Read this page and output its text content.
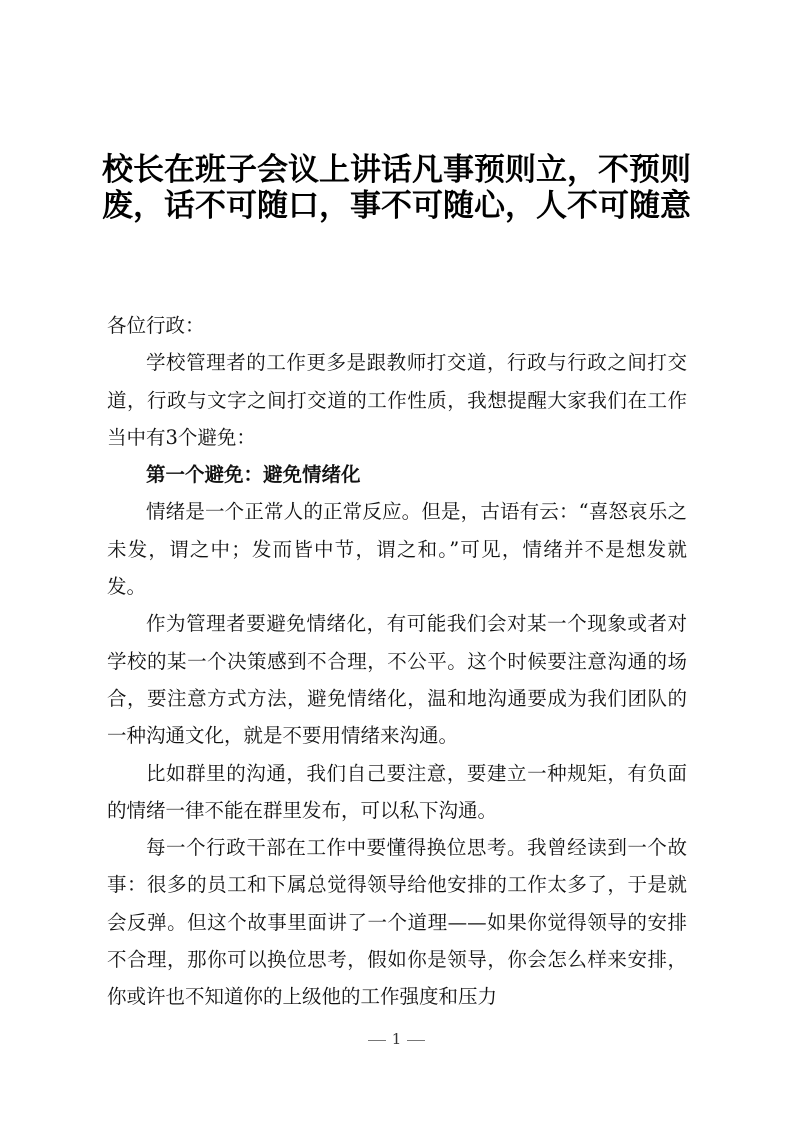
校长在班子会议上讲话凡事预则立，不预则废，话不可随口，事不可随心，人不可随意

各位行政：

学校管理者的工作更多是跟教师打交道，行政与行政之间打交道，行政与文字之间打交道的工作性质，我想提醒大家我们在工作当中有3个避免：

第一个避免：避免情绪化

情绪是一个正常人的正常反应。但是，古语有云：“喜怒哀乐之未发，谓之中；发而皆中节，谓之和。”可见，情绪并不是想发就发。

作为管理者要避免情绪化，有可能我们会对某一个现象或者对学校的某一个决策感到不合理，不公平。这个时候要注意沟通的场合，要注意方式方法，避免情绪化，温和地沟通要成为我们团队的一种沟通文化，就是不要用情绪来沟通。

比如群里的沟通，我们自己要注意，要建立一种规矩，有负面的情绪一律不能在群里发布，可以私下沟通。

每一个行政干部在工作中要懂得换位思考。我曾经读到一个故事：很多的员工和下属总觉得领导给他安排的工作太多了，于是就会反弹。但这个故事里面讲了一个道理——如果你觉得领导的安排不合理，那你可以换位思考，假如你是领导，你会怎么样来安排，你或许也不知道你的上级他的工作强度和压力

1
